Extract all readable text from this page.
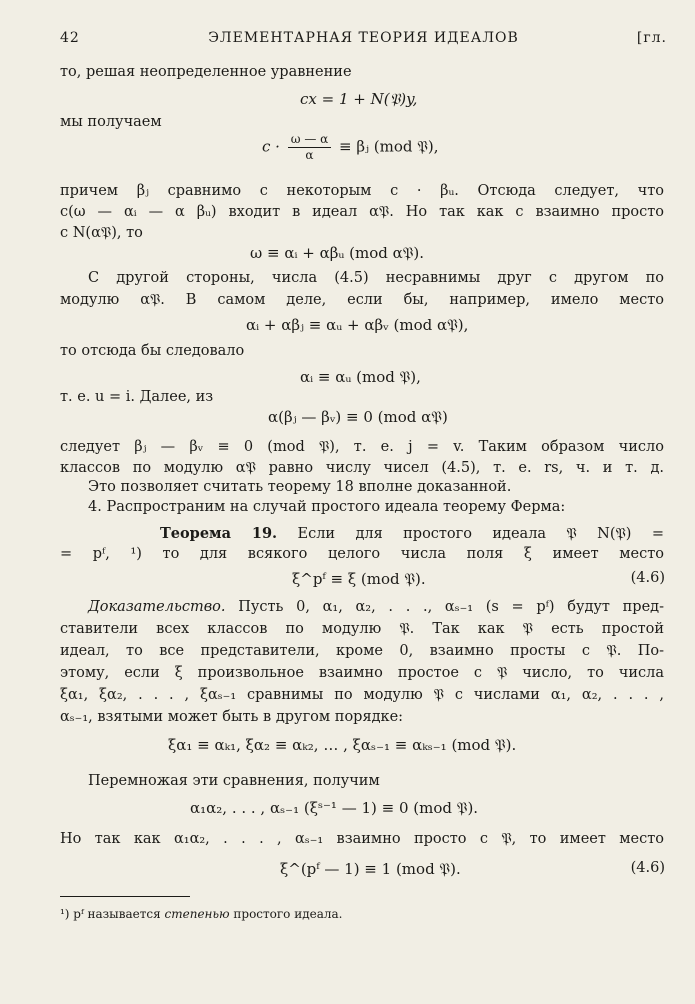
42	ЭЛЕМЕНТАРНАЯ ТЕОРИЯ ИДЕАЛОВ	[гл.
то, решая неопределенное уравнение
cx = 1 + N(𝔓)y,
мы получаем
$c \cdot \frac{\omega — \alpha}{\alpha}$ ≡ βⱼ (mod 𝔓),
причем βⱼ сравнимо с некоторым c · βᵤ. Отсюда следует, что
c(ω — αᵢ — α βᵤ) входит в идеал α𝔓. Но так как c взаимно просто
с N(α𝔓), то
ω ≡ αᵢ + αβᵤ (mod α𝔓).
С другой стороны, числа (4.5) несравнимы друг с другом по
модулю α𝔓. В самом деле, если бы, например, имело место
αᵢ + αβⱼ ≡ αᵤ + αβᵥ (mod α𝔓),
то отсюда бы следовало
αᵢ ≡ αᵤ (mod 𝔓),
т. е. u = i. Далее, из
α(βⱼ — βᵥ) ≡ 0 (mod α𝔓)
следует βⱼ — βᵥ ≡ 0 (mod 𝔓), т. е. j = v. Таким образом число
классов по модулю α𝔓 равно числу чисел (4.5), т. е. rs, ч. и т. д.
Это позволяет считать теорему 18 вполне доказанной.
4. Распространим на случай простого идеала теорему Ферма:
Теорема 19. Если для простого идеала 𝔓 N(𝔓) =
= pᶠ, ¹) то для всякого целого числа поля ξ имеет место
ξ^pᶠ ≡ ξ (mod 𝔓).	(4.6)
Доказательство. Пусть 0, α₁, α₂, . . ., αₛ₋₁ (s = pᶠ) будут пред-
ставители всех классов по модулю 𝔓. Так как 𝔓 есть простой
идеал, то все представители, кроме 0, взаимно просты с 𝔓. По-
этому, если ξ произвольное взаимно простое с 𝔓 число, то числа
ξα₁, ξα₂, . . . , ξαₛ₋₁ сравнимы по модулю 𝔓 с числами α₁, α₂, . . . ,
αₛ₋₁, взятыми может быть в другом порядке:
ξα₁ ≡ αₖ₁, ξα₂ ≡ αₖ₂, … , ξαₛ₋₁ ≡ αₖₛ₋₁ (mod 𝔓).
Перемножая эти сравнения, получим
α₁α₂, . . . , αₛ₋₁ (ξˢ⁻¹ — 1) ≡ 0 (mod 𝔓).
Но так как α₁α₂, . . . , αₛ₋₁ взаимно просто с 𝔓, то имеет место
ξ^(pᶠ — 1) ≡ 1 (mod 𝔓).	(4.6)
¹) pᶠ называется степенью простого идеала.
